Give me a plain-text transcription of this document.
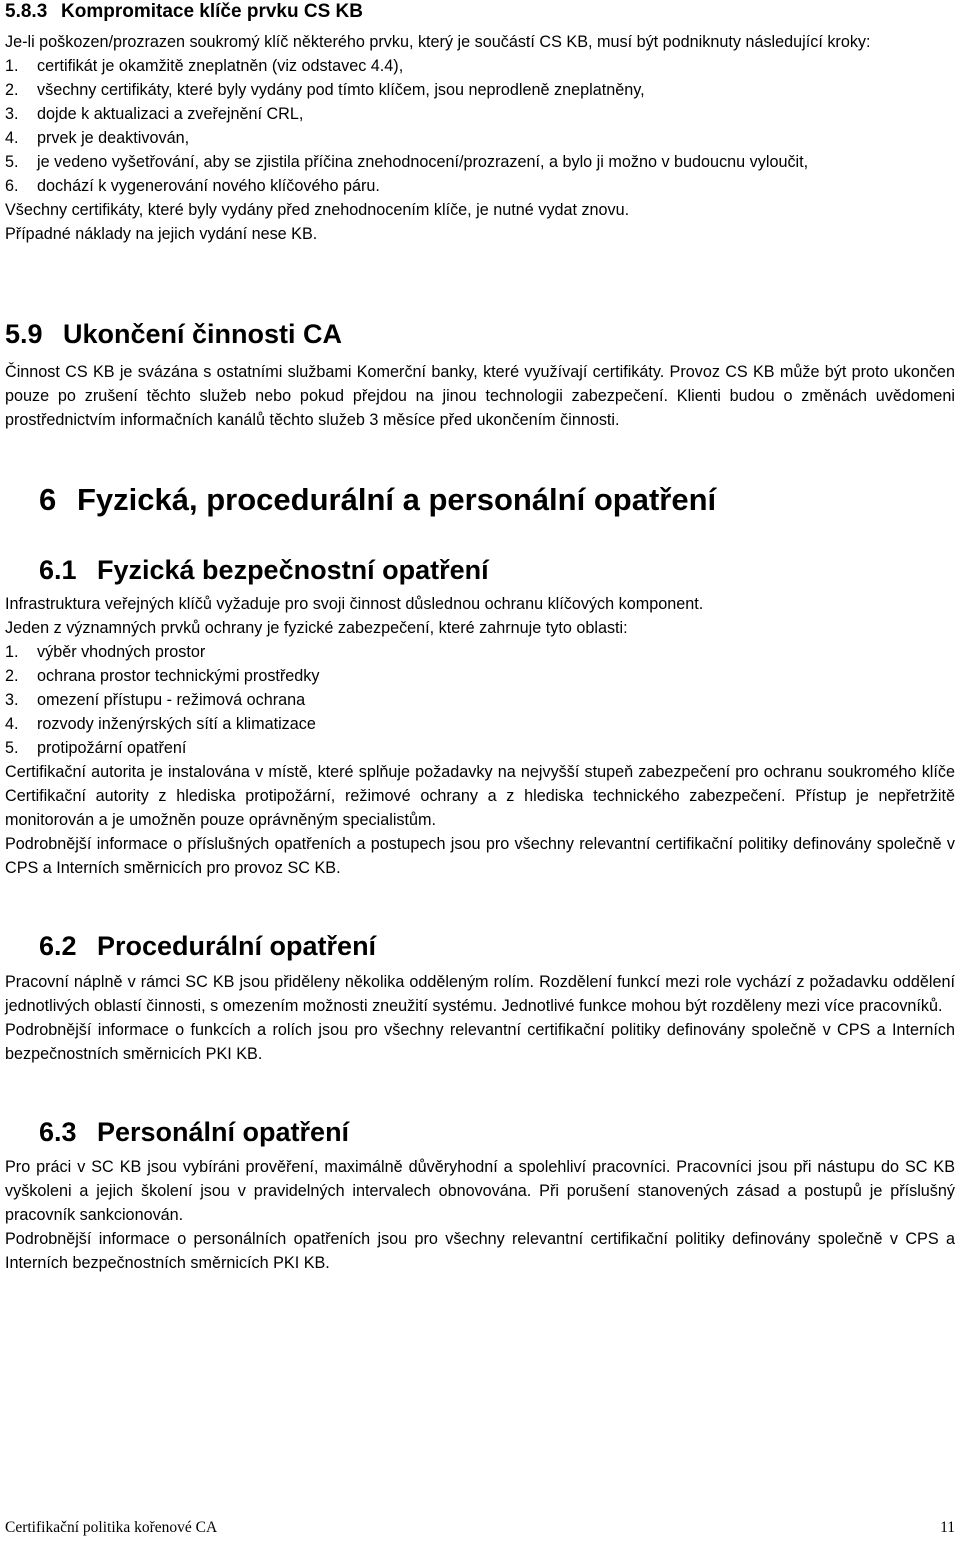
5.8.3 Kompromitace klíče prvku CS KB

Je-li poškozen/prozrazen soukromý klíč některého prvku, který je součástí CS KB, musí být podniknuty následující kroky:

1. certifikát je okamžitě zneplatněn (viz odstavec 4.4),
2. všechny certifikáty, které byly vydány pod tímto klíčem, jsou neprodleně zneplatněny,
3. dojde k aktualizaci a zveřejnění CRL,
4. prvek je deaktivován,
5. je vedeno vyšetřování, aby se zjistila příčina znehodnocení/prozrazení, a bylo ji možno v budoucnu vyloučit,
6. dochází k vygenerování nového klíčového páru.

Všechny certifikáty, které byly vydány před znehodnocením klíče, je nutné vydat znovu.

Případné náklady na jejich vydání nese KB.

5.9 Ukončení činnosti CA

Činnost CS KB je svázána s ostatními službami Komerční banky, které využívají certifikáty. Provoz CS KB může být proto ukončen pouze po zrušení těchto služeb nebo pokud přejdou na jinou technologii zabezpečení. Klienti budou o změnách uvědomeni prostřednictvím informačních kanálů těchto služeb 3 měsíce před ukončením činnosti.

6 Fyzická, procedurální a personální opatření
6.1 Fyzická bezpečnostní opatření

Infrastruktura veřejných klíčů vyžaduje pro svoji činnost důslednou ochranu klíčových komponent.

Jeden z významných prvků ochrany je fyzické zabezpečení, které zahrnuje tyto oblasti:

1. výběr vhodných prostor
2. ochrana prostor technickými prostředky
3. omezení přístupu - režimová ochrana
4. rozvody inženýrských sítí a klimatizace
5. protipožární opatření

Certifikační autorita je instalována v místě, které splňuje požadavky na nejvyšší stupeň zabezpečení pro ochranu soukromého klíče Certifikační autority z hlediska protipožární, režimové ochrany a z hlediska technického zabezpečení. Přístup je nepřetržitě monitorován a je umožněn pouze oprávněným specialistům.

Podrobnější informace o příslušných opatřeních a postupech jsou pro všechny relevantní certifikační politiky definovány společně v CPS a Interních směrnicích pro provoz SC KB.

6.2 Procedurální opatření

Pracovní náplně v rámci SC KB jsou přiděleny několika odděleným rolím. Rozdělení funkcí mezi role vychází z požadavku oddělení jednotlivých oblastí činnosti, s omezením možnosti zneužití systému. Jednotlivé funkce mohou být rozděleny mezi více pracovníků.

Podrobnější informace o funkcích a rolích jsou pro všechny relevantní certifikační politiky definovány společně v CPS a Interních bezpečnostních směrnicích PKI KB.

6.3 Personální opatření

Pro práci v SC KB jsou vybíráni prověření, maximálně důvěryhodní a spolehliví pracovníci. Pracovníci jsou při nástupu do SC KB vyškoleni a jejich školení jsou v pravidelných intervalech obnovována. Při porušení stanovených zásad a postupů je příslušný pracovník sankcionován.

Podrobnější informace o personálních opatřeních jsou pro všechny relevantní certifikační politiky definovány společně v CPS a Interních bezpečnostních směrnicích PKI KB.

Certifikační politika kořenové CA	11
